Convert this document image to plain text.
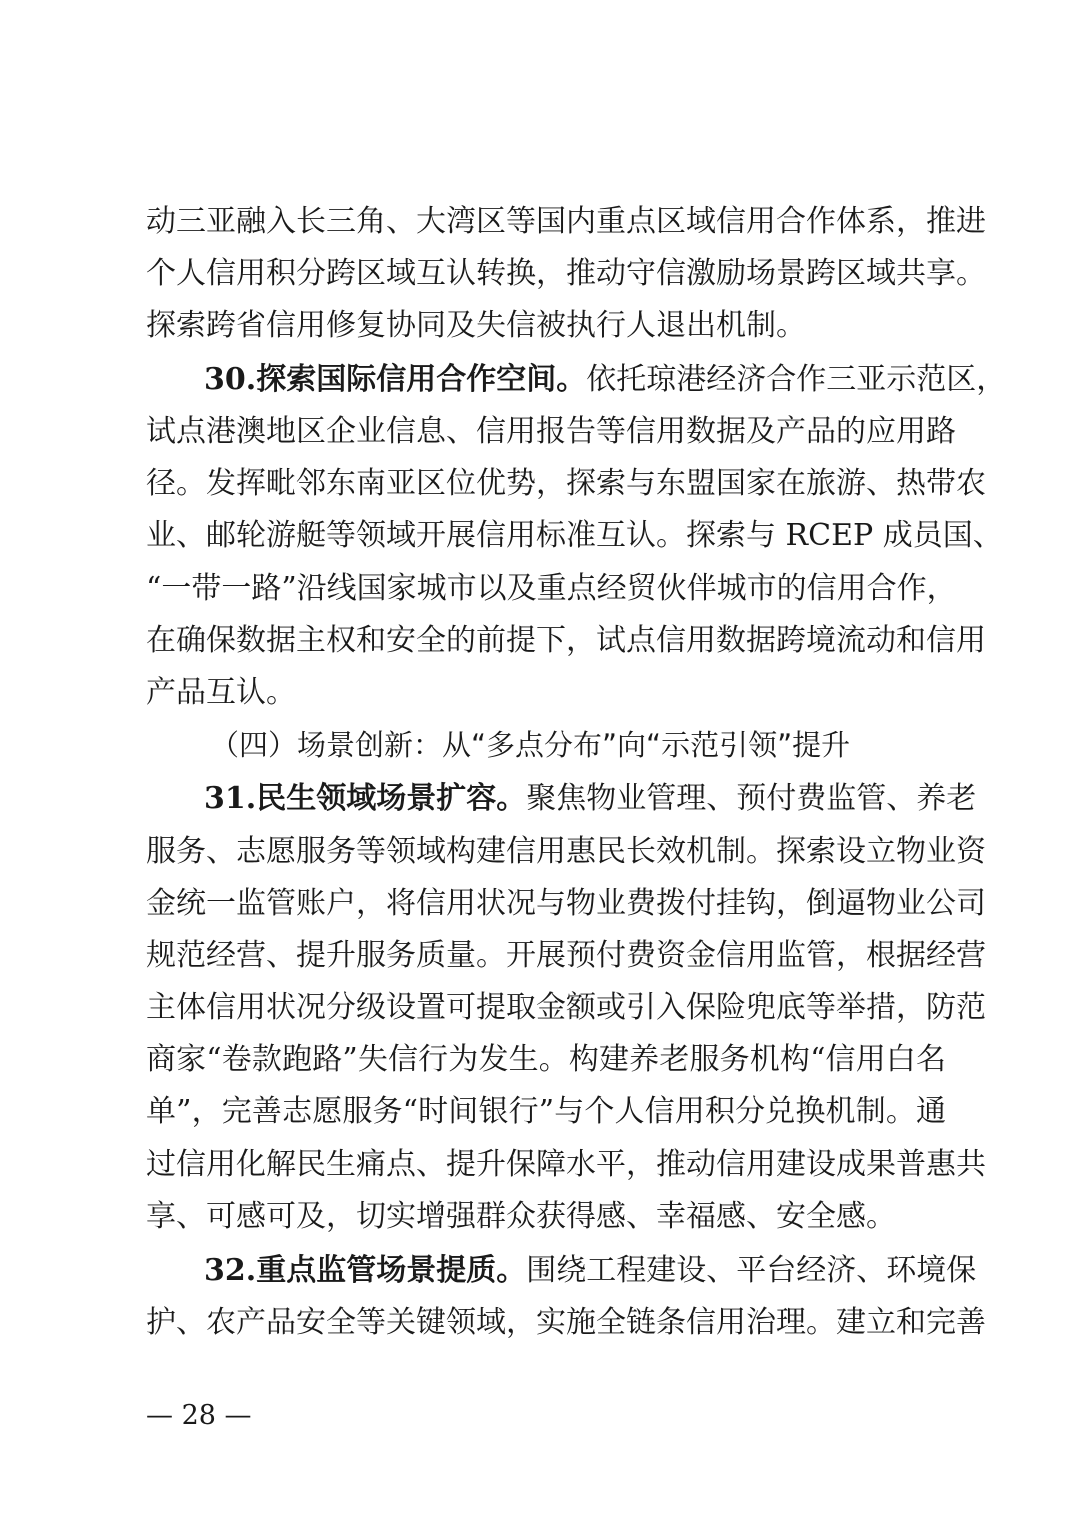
动三亚融入长三角、大湾区等国内重点区域信用合作体系，推进
个人信用积分跨区域互认转换，推动守信激励场景跨区域共享。
探索跨省信用修复协同及失信被执行人退出机制。
30.探索国际信用合作空间。依托琼港经济合作三亚示范区，
试点港澳地区企业信息、信用报告等信用数据及产品的应用路
径。发挥毗邻东南亚区位优势，探索与东盟国家在旅游、热带农
业、邮轮游艇等领域开展信用标准互认。探索与 RCEP 成员国、
“一带一路”沿线国家城市以及重点经贸伙伴城市的信用合作，
在确保数据主权和安全的前提下，试点信用数据跨境流动和信用
产品互认。
（四）场景创新：从“多点分布”向“示范引领”提升
31.民生领域场景扩容。聚焦物业管理、预付费监管、养老
服务、志愿服务等领域构建信用惠民长效机制。探索设立物业资
金统一监管账户，将信用状况与物业费拨付挂钩，倒逼物业公司
规范经营、提升服务质量。开展预付费资金信用监管，根据经营
主体信用状况分级设置可提取金额或引入保险兜底等举措，防范
商家“卷款跑路”失信行为发生。构建养老服务机构“信用白名
单”，完善志愿服务“时间银行”与个人信用积分兑换机制。通
过信用化解民生痛点、提升保障水平，推动信用建设成果普惠共
享、可感可及，切实增强群众获得感、幸福感、安全感。
32.重点监管场景提质。围绕工程建设、平台经济、环境保
护、农产品安全等关键领域，实施全链条信用治理。建立和完善
— 28 —
